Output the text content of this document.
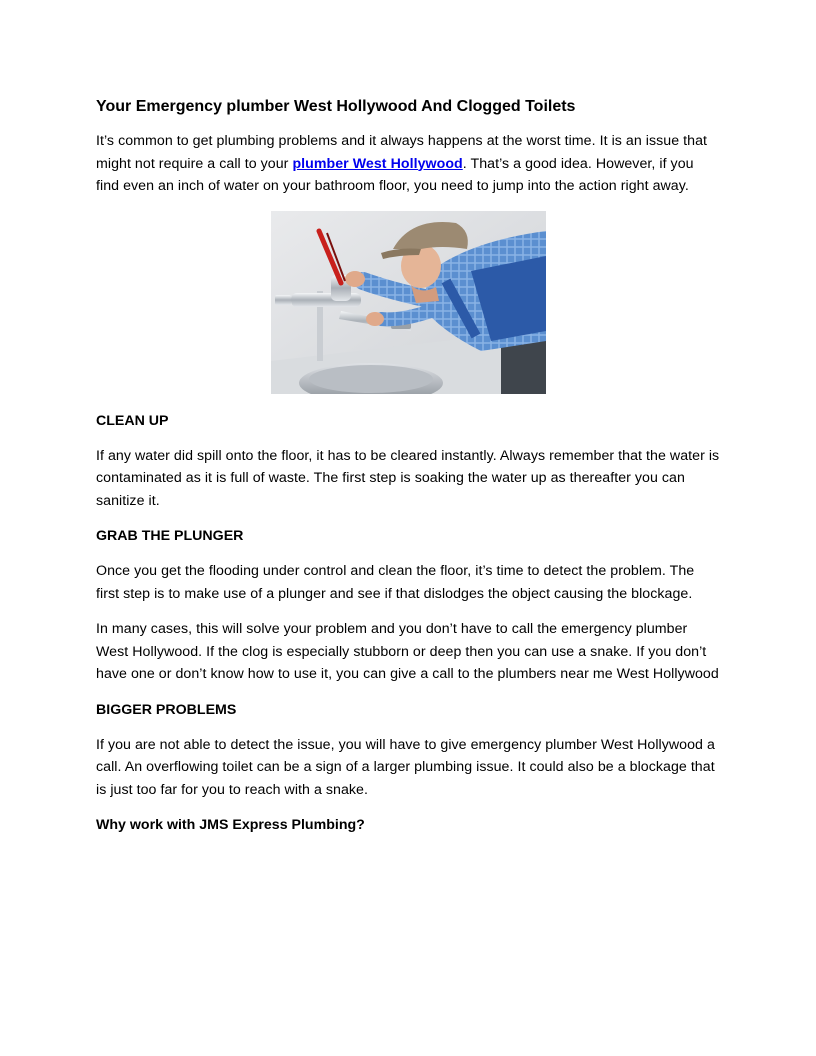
Your Emergency plumber West Hollywood And Clogged Toilets

It’s common to get plumbing problems and it always happens at the worst time. It is an issue that might not require a call to your plumber West Hollywood. That’s a good idea. However, if you find even an inch of water on your bathroom floor, you need to jump into the action right away.

CLEAN UP

If any water did spill onto the floor, it has to be cleared instantly. Always remember that the water is contaminated as it is full of waste. The first step is soaking the water up as thereafter you can sanitize it.

GRAB THE PLUNGER

Once you get the flooding under control and clean the floor, it’s time to detect the problem. The first step is to make use of a plunger and see if that dislodges the object causing the blockage.

In many cases, this will solve your problem and you don’t have to call the emergency plumber West Hollywood. If the clog is especially stubborn or deep then you can use a snake. If you don’t have one or don’t know how to use it, you can give a call to the plumbers near me West Hollywood

BIGGER PROBLEMS

If you are not able to detect the issue, you will have to give emergency plumber West Hollywood a call. An overflowing toilet can be a sign of a larger plumbing issue. It could also be a blockage that is just too far for you to reach with a snake.

Why work with JMS Express Plumbing?
